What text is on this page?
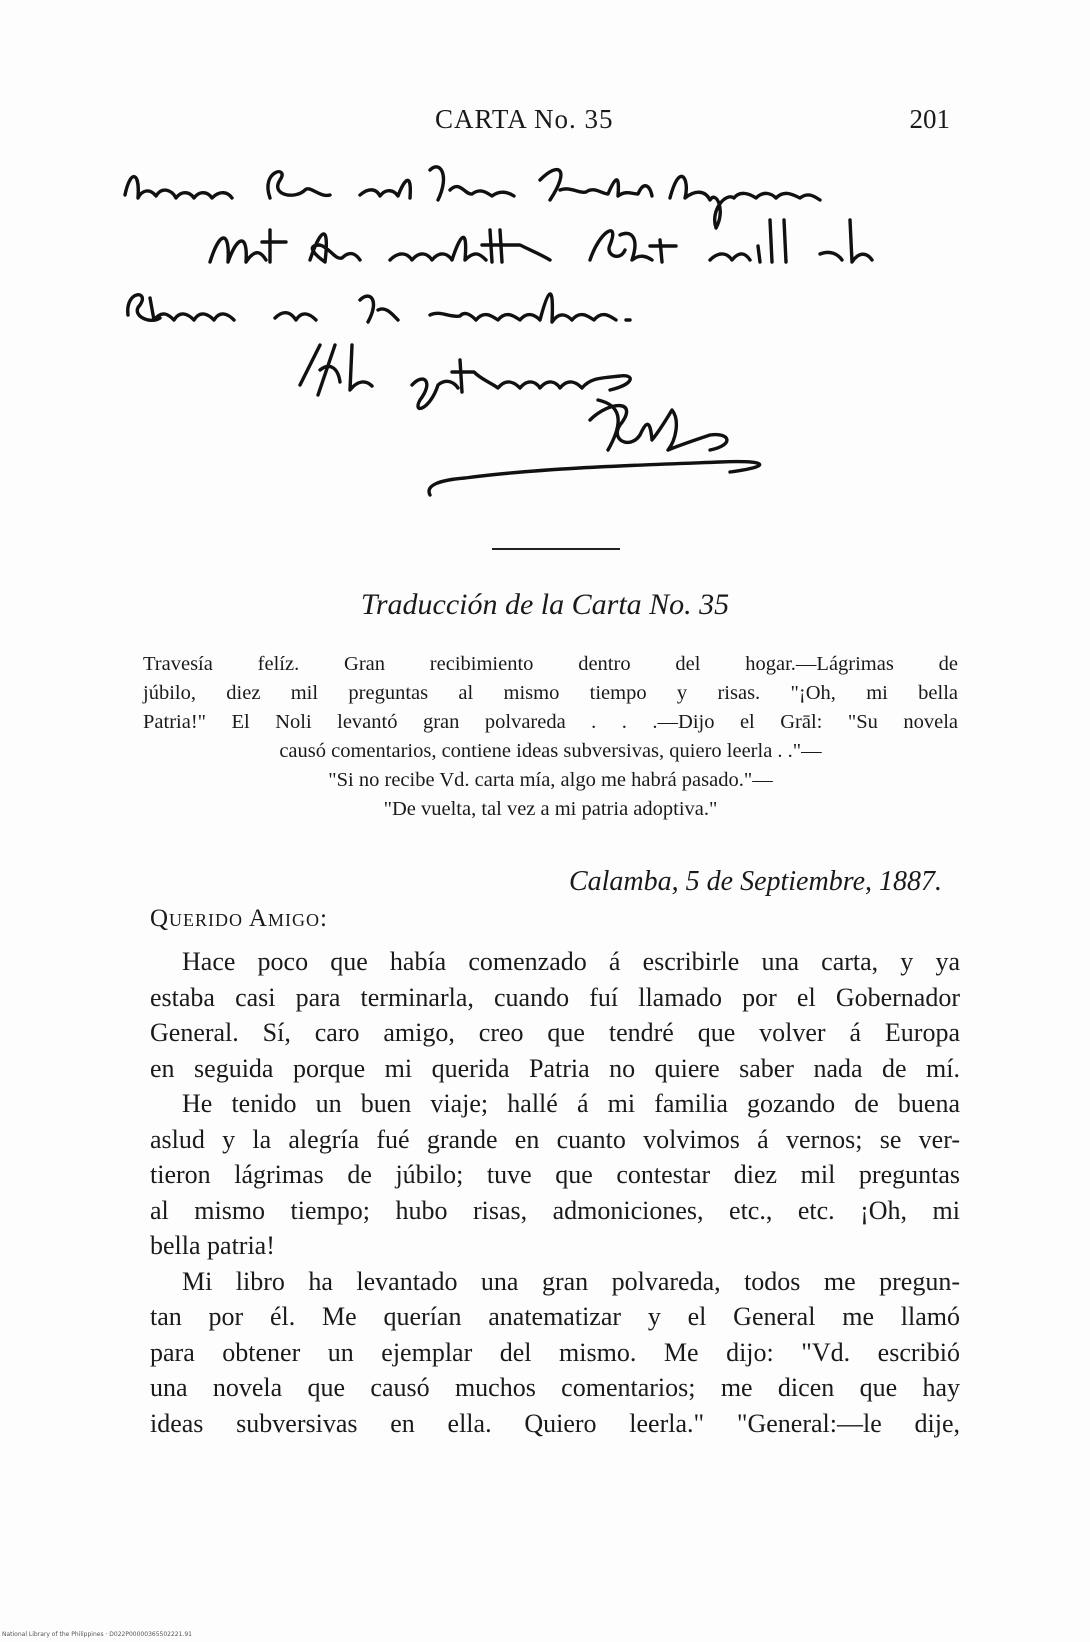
CARTA No. 35	201
Traducción de la Carta No. 35
Travesía felíz. Gran recibimiento dentro del hogar.—Lágrimas de
júbilo, diez mil preguntas al mismo tiempo y risas. "¡Oh, mi bella
Patria!" El Noli levantó gran polvareda . . .—Dijo el Grāl: "Su novela
causó comentarios, contiene ideas subversivas, quiero leerla . ."—
"Si no recibe Vd. carta mía, algo me habrá pasado."—
"De vuelta, tal vez a mi patria adoptiva."
Calamba, 5 de Septiembre, 1887.
Querido Amigo:
Hace poco que había comenzado á escribirle una carta, y ya
estaba casi para terminarla, cuando fuí llamado por el Gobernador
General. Sí, caro amigo, creo que tendré que volver á Europa
en seguida porque mi querida Patria no quiere saber nada de mí.
He tenido un buen viaje; hallé á mi familia gozando de buena
aslud y la alegría fué grande en cuanto volvimos á vernos; se ver-
tieron lágrimas de júbilo; tuve que contestar diez mil preguntas
al mismo tiempo; hubo risas, admoniciones, etc., etc. ¡Oh, mi
bella patria!
Mi libro ha levantado una gran polvareda, todos me pregun-
tan por él. Me querían anatematizar y el General me llamó
para obtener un ejemplar del mismo. Me dijo: "Vd. escribió
una novela que causó muchos comentarios; me dicen que hay
ideas subversivas en ella. Quiero leerla." "General:—le dije,
National Library of the Philippines · D022P00000365502221.91
